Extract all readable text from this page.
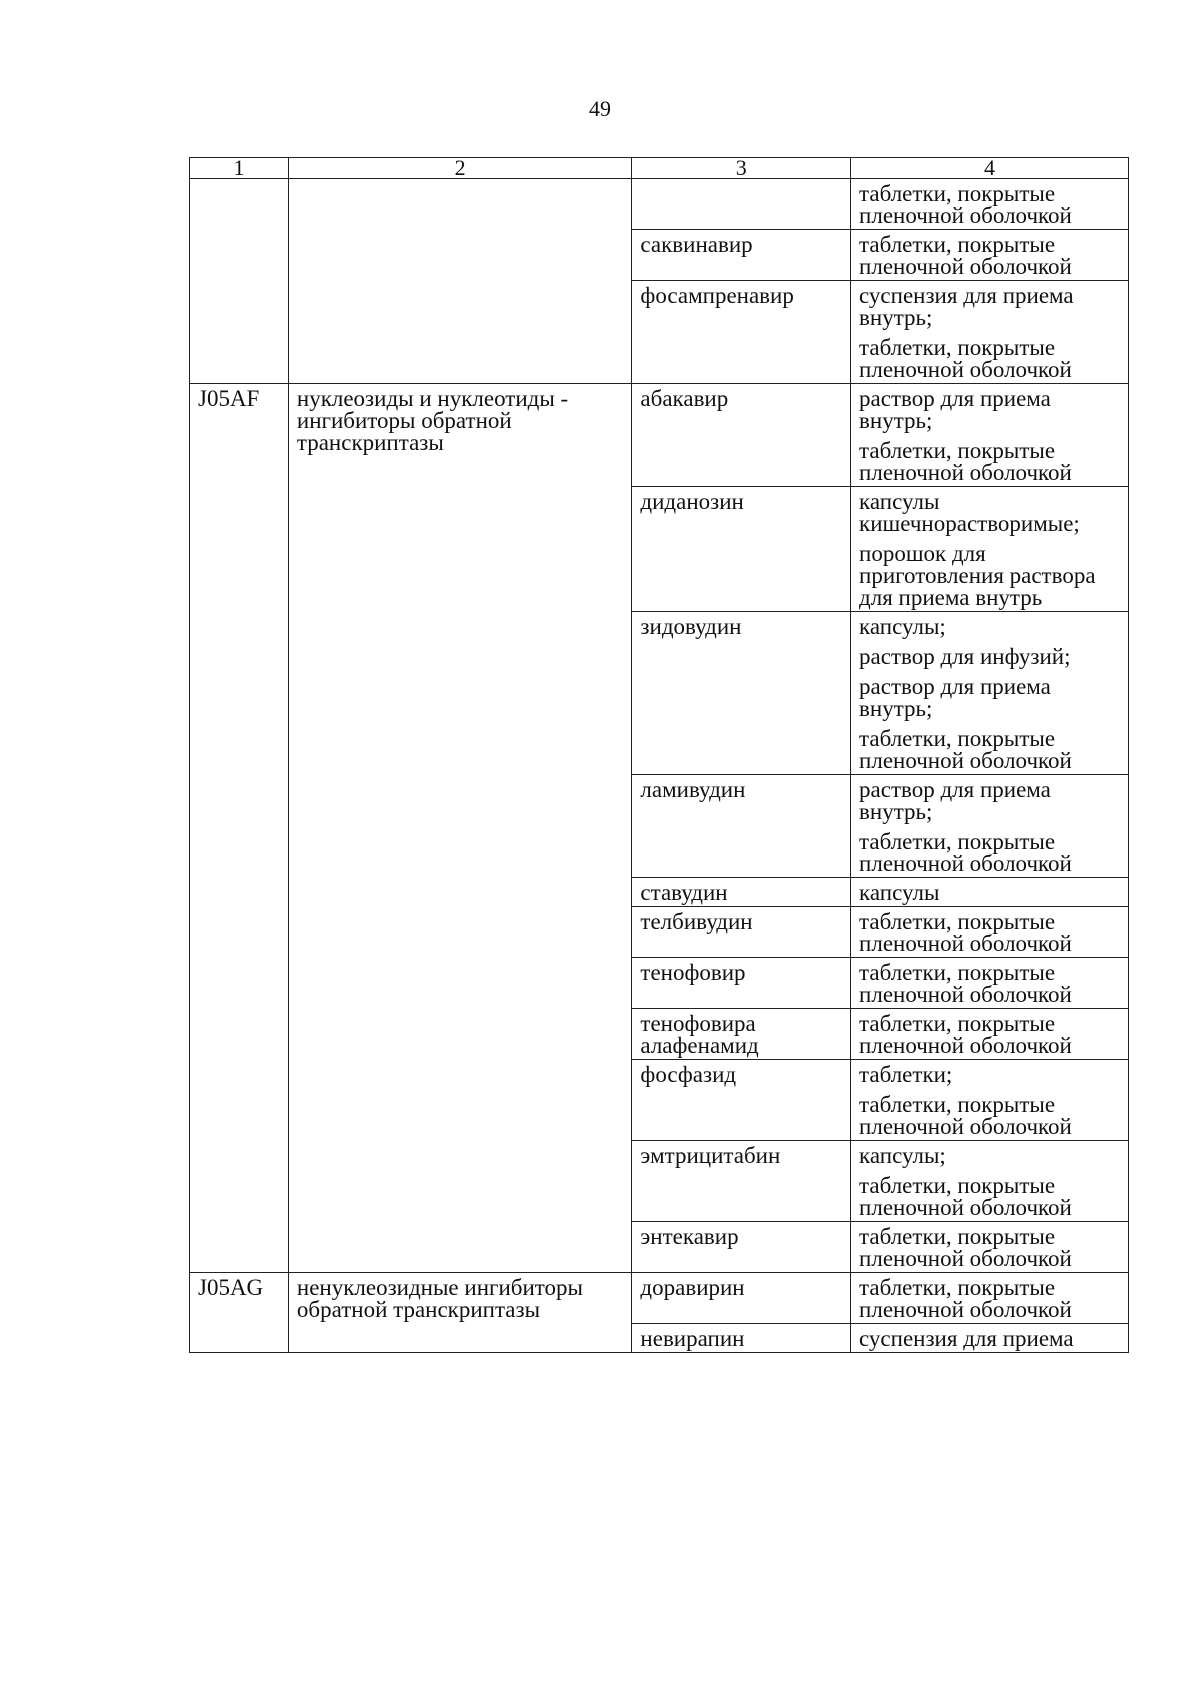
49
1	2	3	4

			таблетки, покрытые пленочной оболочкой

		саквинавир	таблетки, покрытые пленочной оболочкой

		фосампренавир	суспензия для приема внутрь;
таблетки, покрытые пленочной оболочкой

J05AF	нуклеозиды и нуклеотиды - ингибиторы обратной транскриптазы	абакавир	раствор для приема внутрь;
таблетки, покрытые пленочной оболочкой

		диданозин	капсулы кишечнорастворимые;
порошок для приготовления раствора для приема внутрь

		зидовудин	капсулы;
раствор для инфузий;
раствор для приема внутрь;
таблетки, покрытые пленочной оболочкой

		ламивудин	раствор для приема внутрь;
таблетки, покрытые пленочной оболочкой

		ставудин	капсулы

		телбивудин	таблетки, покрытые пленочной оболочкой

		тенофовир	таблетки, покрытые пленочной оболочкой

		тенофовира алафенамид	таблетки, покрытые пленочной оболочкой

		фосфазид	таблетки;
таблетки, покрытые пленочной оболочкой

		эмтрицитабин	капсулы;
таблетки, покрытые пленочной оболочкой

		энтекавир	таблетки, покрытые пленочной оболочкой

J05AG	ненуклеозидные ингибиторы обратной транскриптазы	доравирин	таблетки, покрытые пленочной оболочкой

		невирапин	суспензия для приема
